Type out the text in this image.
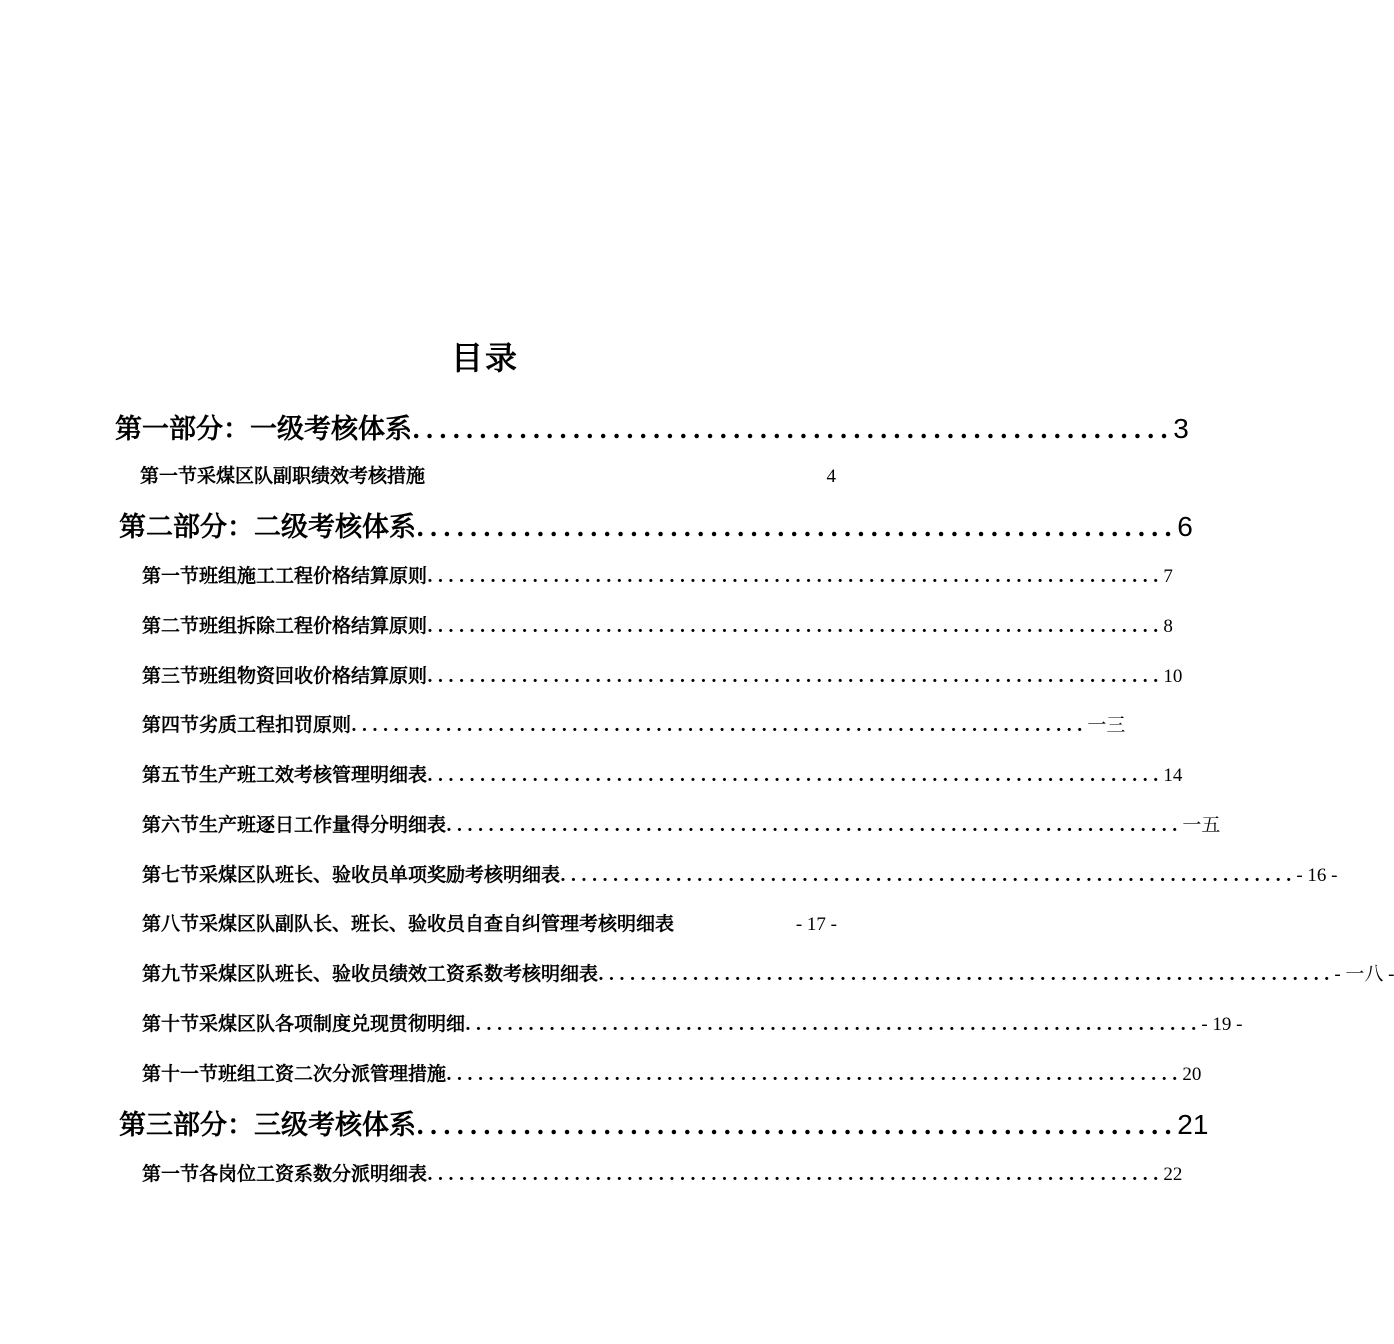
目录
第一部分：一级考核体系 ......................................................... 3
第一节采煤区队副职绩效考核措施	4
第二部分：二级考核体系 ......................................................... 6
第一节班组施工工程价格结算原则 ...................................................................... 7
第二节班组拆除工程价格结算原则 ...................................................................... 8
第三节班组物资回收价格结算原则 ...................................................................... 10
第四节劣质工程扣罚原则 ...................................................................... 一三
第五节生产班工效考核管理明细表 ...................................................................... 14
第六节生产班逐日工作量得分明细表 ...................................................................... 一五
第七节采煤区队班长、验收员单项奖励考核明细表 ...................................................................... - 16 -
第八节采煤区队副队长、班长、验收员自查自纠管理考核明细表	- 17 -
第九节采煤区队班长、验收员绩效工资系数考核明细表 ...................................................................... - 一八 -
第十节采煤区队各项制度兑现贯彻明细 ...................................................................... - 19 -
第十一节班组工资二次分派管理措施 ...................................................................... 20
第三部分：三级考核体系 ......................................................... 21
第一节各岗位工资系数分派明细表 ...................................................................... 22
